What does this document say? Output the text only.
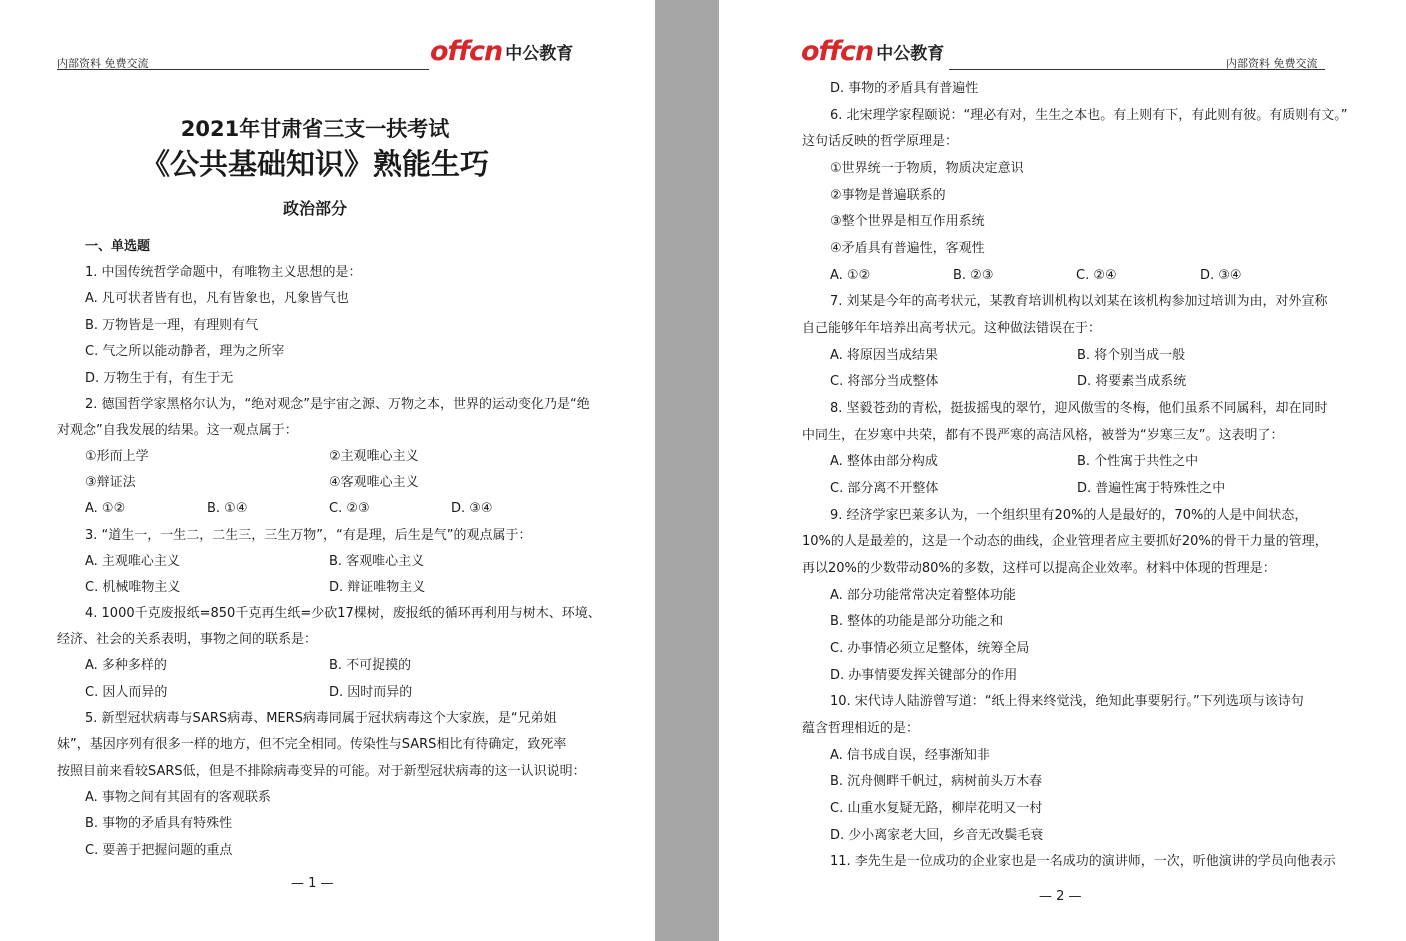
内部资料 免费交流	offcn 中公教育
2021年甘肃省三支一扶考试
《公共基础知识》熟能生巧
政治部分
一、单选题
1. 中国传统哲学命题中，有唯物主义思想的是：
A. 凡可状者皆有也，凡有皆象也，凡象皆气也
B. 万物皆是一理，有理则有气
C. 气之所以能动静者，理为之所宰
D. 万物生于有，有生于无
2. 德国哲学家黑格尔认为，“绝对观念”是宇宙之源、万物之本，世界的运动变化乃是“绝
对观念”自我发展的结果。这一观点属于：
①形而上学	②主观唯心主义
③辩证法	④客观唯心主义
A. ①②	B. ①④	C. ②③	D. ③④
3. “道生一，一生二，二生三，三生万物”，“有是理，后生是气”的观点属于：
A. 主观唯心主义	B. 客观唯心主义
C. 机械唯物主义	D. 辩证唯物主义
4. 1000千克废报纸=850千克再生纸=少砍17棵树，废报纸的循环再利用与树木、环境、
经济、社会的关系表明，事物之间的联系是：
A. 多种多样的	B. 不可捉摸的
C. 因人而异的	D. 因时而异的
5. 新型冠状病毒与SARS病毒、MERS病毒同属于冠状病毒这个大家族，是“兄弟姐
妹”，基因序列有很多一样的地方，但不完全相同。传染性与SARS相比有待确定，致死率
按照目前来看较SARS低，但是不排除病毒变异的可能。对于新型冠状病毒的这一认识说明：
A. 事物之间有其固有的客观联系
B. 事物的矛盾具有特殊性
C. 要善于把握问题的重点
— 1 —
offcn 中公教育	内部资料 免费交流
D. 事物的矛盾具有普遍性
6. 北宋理学家程颐说：“理必有对，生生之本也。有上则有下，有此则有彼。有质则有文。”
这句话反映的哲学原理是：
①世界统一于物质，物质决定意识
②事物是普遍联系的
③整个世界是相互作用系统
④矛盾具有普遍性，客观性
A. ①②	B. ②③	C. ②④	D. ③④
7. 刘某是今年的高考状元，某教育培训机构以刘某在该机构参加过培训为由，对外宣称
自己能够年年培养出高考状元。这种做法错误在于：
A. 将原因当成结果	B. 将个别当成一般
C. 将部分当成整体	D. 将要素当成系统
8. 坚毅苍劲的青松，挺拔摇曳的翠竹，迎风傲雪的冬梅，他们虽系不同属科，却在同时
中同生，在岁寒中共荣，都有不畏严寒的高洁风格，被誉为“岁寒三友”。这表明了：
A. 整体由部分构成	B. 个性寓于共性之中
C. 部分离不开整体	D. 普遍性寓于特殊性之中
9. 经济学家巴莱多认为，一个组织里有20%的人是最好的，70%的人是中间状态，
10%的人是最差的，这是一个动态的曲线，企业管理者应主要抓好20%的骨干力量的管理，
再以20%的少数带动80%的多数，这样可以提高企业效率。材料中体现的哲理是：
A. 部分功能常常决定着整体功能
B. 整体的功能是部分功能之和
C. 办事情必须立足整体，统筹全局
D. 办事情要发挥关键部分的作用
10. 宋代诗人陆游曾写道：“纸上得来终觉浅，绝知此事要躬行。”下列选项与该诗句
蕴含哲理相近的是：
A. 信书成自误，经事渐知非
B. 沉舟侧畔千帆过，病树前头万木春
C. 山重水复疑无路，柳岸花明又一村
D. 少小离家老大回，乡音无改鬓毛衰
11. 李先生是一位成功的企业家也是一名成功的演讲师，一次，听他演讲的学员向他表示
— 2 —
